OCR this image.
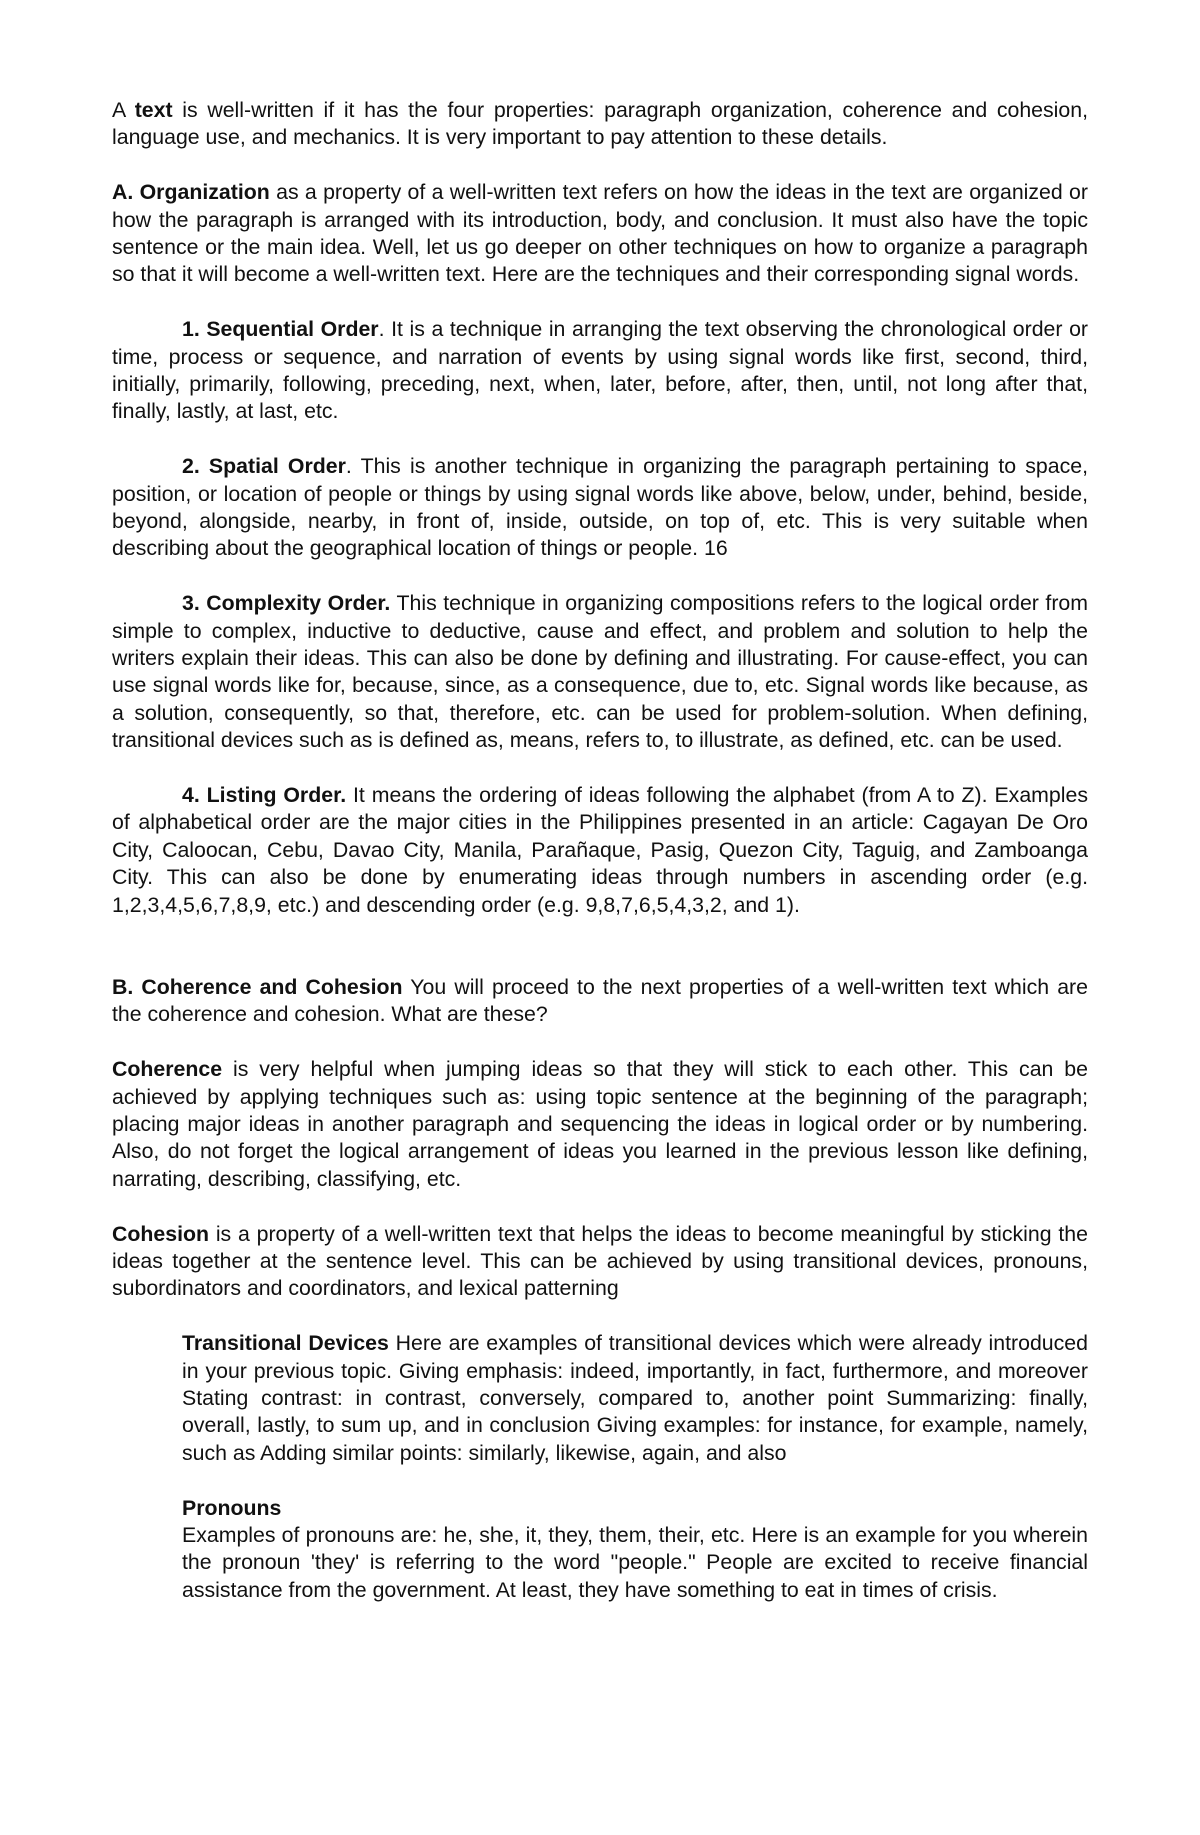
A text is well-written if it has the four properties: paragraph organization, coherence and cohesion, language use, and mechanics. It is very important to pay attention to these details.

A. Organization as a property of a well-written text refers on how the ideas in the text are organized or how the paragraph is arranged with its introduction, body, and conclusion. It must also have the topic sentence or the main idea. Well, let us go deeper on other techniques on how to organize a paragraph so that it will become a well-written text. Here are the techniques and their corresponding signal words.

1. Sequential Order. It is a technique in arranging the text observing the chronological order or time, process or sequence, and narration of events by using signal words like first, second, third, initially, primarily, following, preceding, next, when, later, before, after, then, until, not long after that, finally, lastly, at last, etc.

2. Spatial Order. This is another technique in organizing the paragraph pertaining to space, position, or location of people or things by using signal words like above, below, under, behind, beside, beyond, alongside, nearby, in front of, inside, outside, on top of, etc. This is very suitable when describing about the geographical location of things or people. 16

3. Complexity Order. This technique in organizing compositions refers to the logical order from simple to complex, inductive to deductive, cause and effect, and problem and solution to help the writers explain their ideas. This can also be done by defining and illustrating. For cause-effect, you can use signal words like for, because, since, as a consequence, due to, etc. Signal words like because, as a solution, consequently, so that, therefore, etc. can be used for problem-solution. When defining, transitional devices such as is defined as, means, refers to, to illustrate, as defined, etc. can be used.

4. Listing Order. It means the ordering of ideas following the alphabet (from A to Z). Examples of alphabetical order are the major cities in the Philippines presented in an article: Cagayan De Oro City, Caloocan, Cebu, Davao City, Manila, Parañaque, Pasig, Quezon City, Taguig, and Zamboanga City. This can also be done by enumerating ideas through numbers in ascending order (e.g. 1,2,3,4,5,6,7,8,9, etc.) and descending order (e.g. 9,8,7,6,5,4,3,2, and 1).

B. Coherence and Cohesion You will proceed to the next properties of a well-written text which are the coherence and cohesion. What are these?

Coherence is very helpful when jumping ideas so that they will stick to each other. This can be achieved by applying techniques such as: using topic sentence at the beginning of the paragraph; placing major ideas in another paragraph and sequencing the ideas in logical order or by numbering. Also, do not forget the logical arrangement of ideas you learned in the previous lesson like defining, narrating, describing, classifying, etc.

Cohesion is a property of a well-written text that helps the ideas to become meaningful by sticking the ideas together at the sentence level. This can be achieved by using transitional devices, pronouns, subordinators and coordinators, and lexical patterning

Transitional Devices Here are examples of transitional devices which were already introduced in your previous topic. Giving emphasis: indeed, importantly, in fact, furthermore, and moreover Stating contrast: in contrast, conversely, compared to, another point Summarizing: finally, overall, lastly, to sum up, and in conclusion Giving examples: for instance, for example, namely, such as Adding similar points: similarly, likewise, again, and also

Pronouns

Examples of pronouns are: he, she, it, they, them, their, etc. Here is an example for you wherein the pronoun 'they' is referring to the word "people." People are excited to receive financial assistance from the government. At least, they have something to eat in times of crisis.
